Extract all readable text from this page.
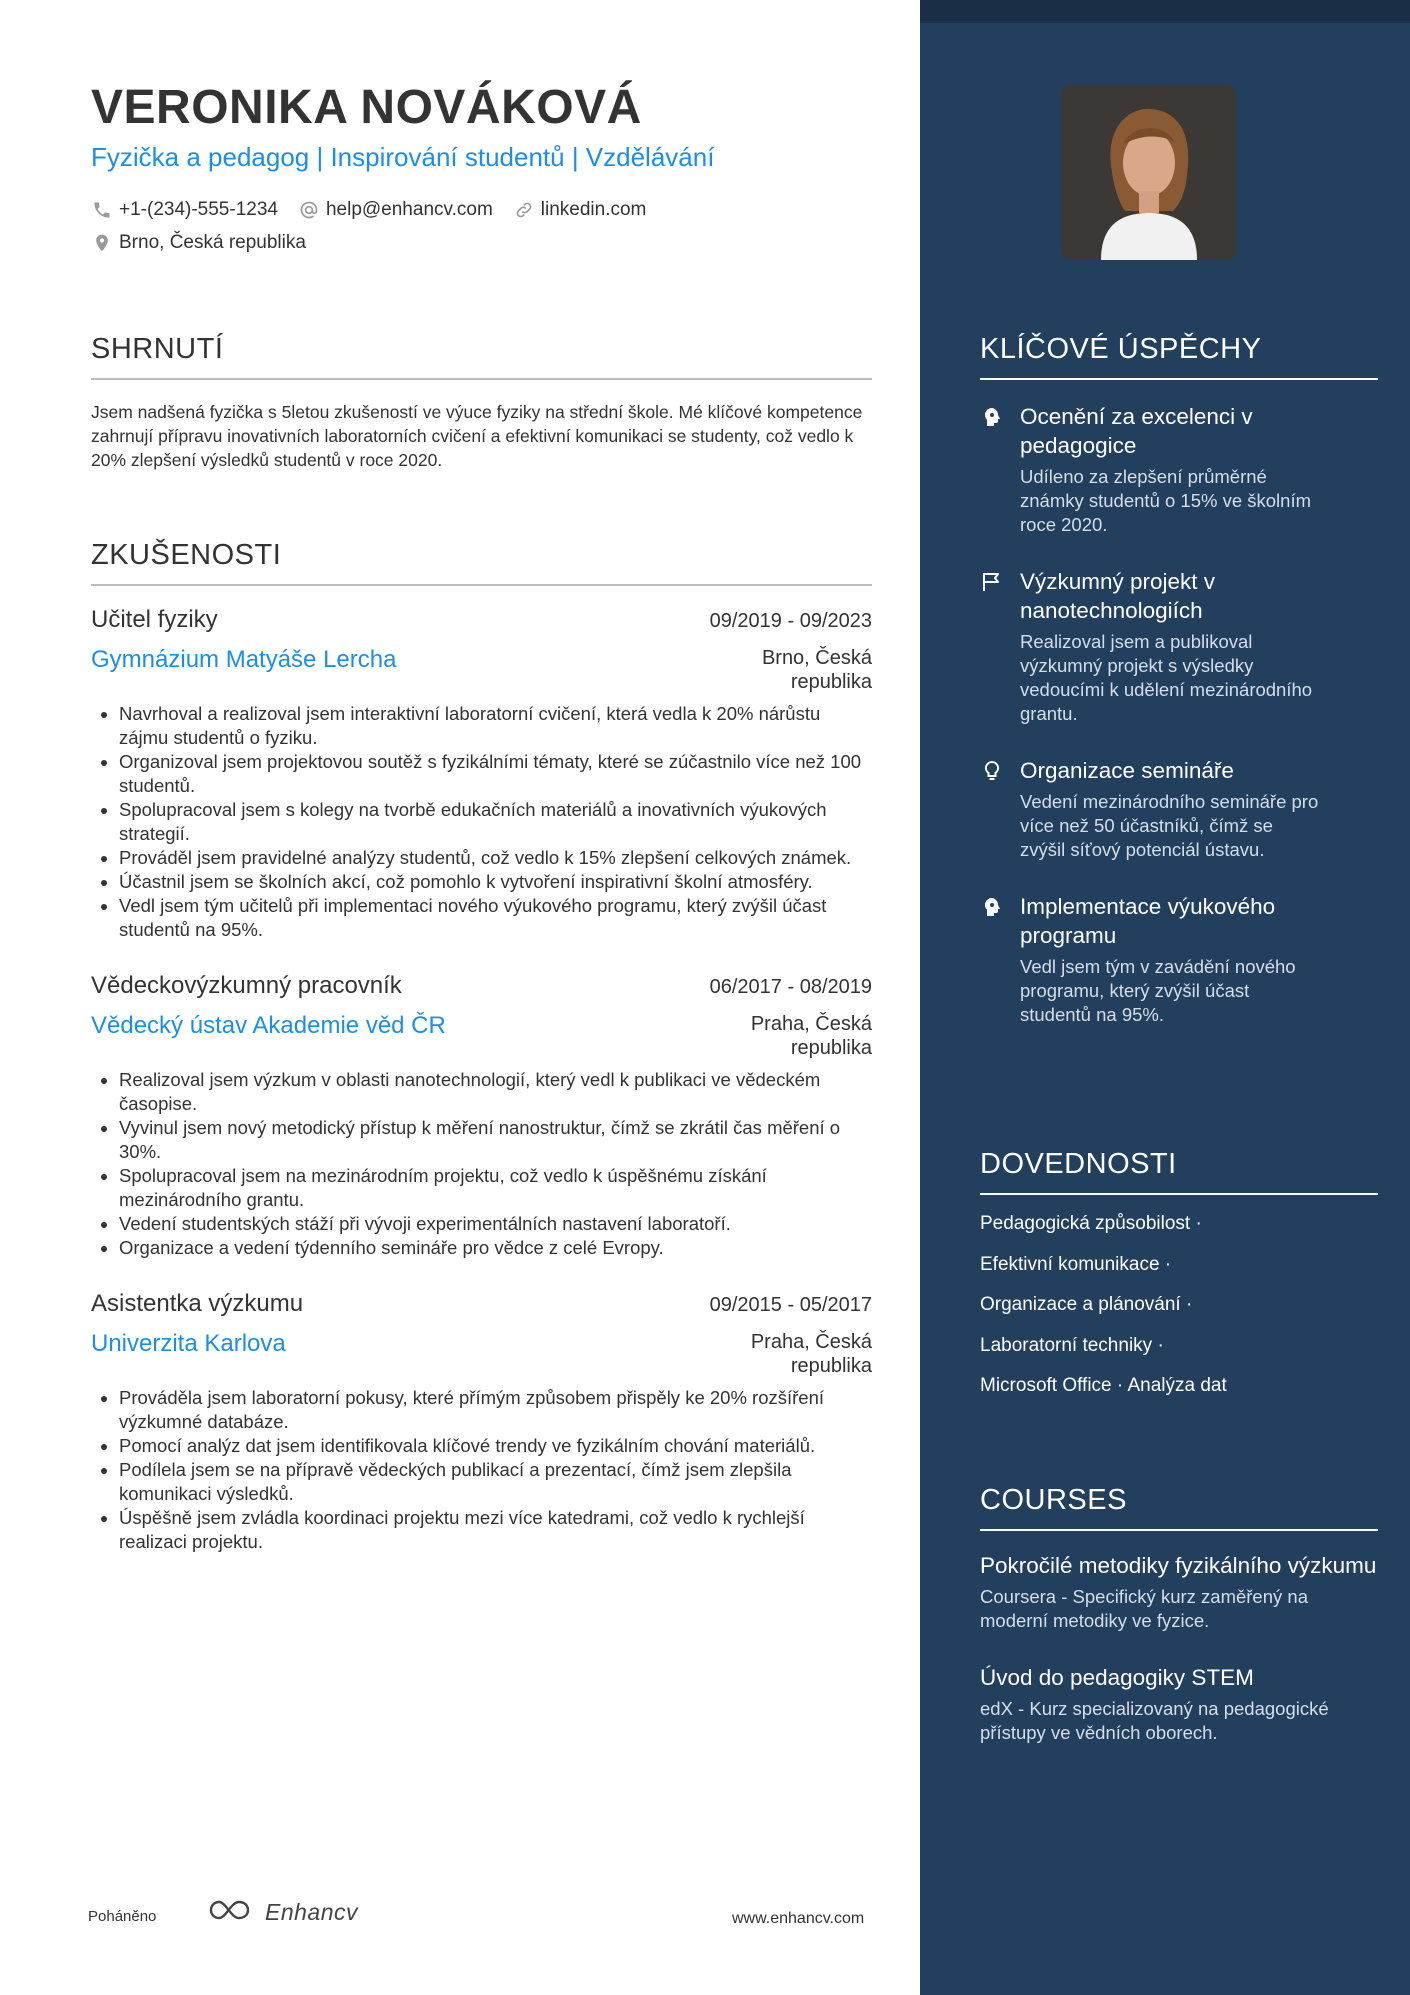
VERONIKA NOVÁKOVÁ
Fyzička a pedagog | Inspirování studentů | Vzdělávání
+1-(234)-555-1234	help@enhancv.com	linkedin.com
Brno, Česká republika
SHRNUTÍ
Jsem nadšená fyzička s 5letou zkušeností ve výuce fyziky na střední škole. Mé klíčové kompetence zahrnují přípravu inovativních laboratorních cvičení a efektivní komunikaci se studenty, což vedlo k 20% zlepšení výsledků studentů v roce 2020.
ZKUŠENOSTI
Učitel fyziky	09/2019 - 09/2023
Gymnázium Matyáše Lercha	Brno, Česká republika
• Navrhoval a realizoval jsem interaktivní laboratorní cvičení, která vedla k 20% nárůstu zájmu studentů o fyziku.
• Organizoval jsem projektovou soutěž s fyzikálními tématy, které se zúčastnilo více než 100 studentů.
• Spolupracoval jsem s kolegy na tvorbě edukačních materiálů a inovativních výukových strategií.
• Prováděl jsem pravidelné analýzy studentů, což vedlo k 15% zlepšení celkových známek.
• Účastnil jsem se školních akcí, což pomohlo k vytvoření inspirativní školní atmosféry.
• Vedl jsem tým učitelů při implementaci nového výukového programu, který zvýšil účast studentů na 95%.
Vědeckovýzkumný pracovník	06/2017 - 08/2019
Vědecký ústav Akademie věd ČR	Praha, Česká republika
• Realizoval jsem výzkum v oblasti nanotechnologií, který vedl k publikaci ve vědeckém časopise.
• Vyvinul jsem nový metodický přístup k měření nanostruktur, čímž se zkrátil čas měření o 30%.
• Spolupracoval jsem na mezinárodním projektu, což vedlo k úspěšnému získání mezinárodního grantu.
• Vedení studentských stáží při vývoji experimentálních nastavení laboratoří.
• Organizace a vedení týdenního semináře pro vědce z celé Evropy.
Asistentka výzkumu	09/2015 - 05/2017
Univerzita Karlova	Praha, Česká republika
• Prováděla jsem laboratorní pokusy, které přímým způsobem přispěly ke 20% rozšíření výzkumné databáze.
• Pomocí analýz dat jsem identifikovala klíčové trendy ve fyzikálním chování materiálů.
• Podílela jsem se na přípravě vědeckých publikací a prezentací, čímž jsem zlepšila komunikaci výsledků.
• Úspěšně jsem zvládla koordinaci projektu mezi více katedrami, což vedlo k rychlejší realizaci projektu.
Poháněno	Enhancv	www.enhancv.com
KLÍČOVÉ ÚSPĚCHY
Ocenění za excelenci v pedagogice
Udíleno za zlepšení průměrné známky studentů o 15% ve školním roce 2020.
Výzkumný projekt v nanotechnologiích
Realizoval jsem a publikoval výzkumný projekt s výsledky vedoucími k udělení mezinárodního grantu.
Organizace semináře
Vedení mezinárodního semináře pro více než 50 účastníků, čímž se zvýšil síťový potenciál ústavu.
Implementace výukového programu
Vedl jsem tým v zavádění nového programu, který zvýšil účast studentů na 95%.
DOVEDNOSTI
Pedagogická způsobilost ·
Efektivní komunikace ·
Organizace a plánování ·
Laboratorní techniky ·
Microsoft Office · Analýza dat
COURSES
Pokročilé metodiky fyzikálního výzkumu
Coursera - Specifický kurz zaměřený na moderní metodiky ve fyzice.
Úvod do pedagogiky STEM
edX - Kurz specializovaný na pedagogické přístupy ve vědních oborech.
